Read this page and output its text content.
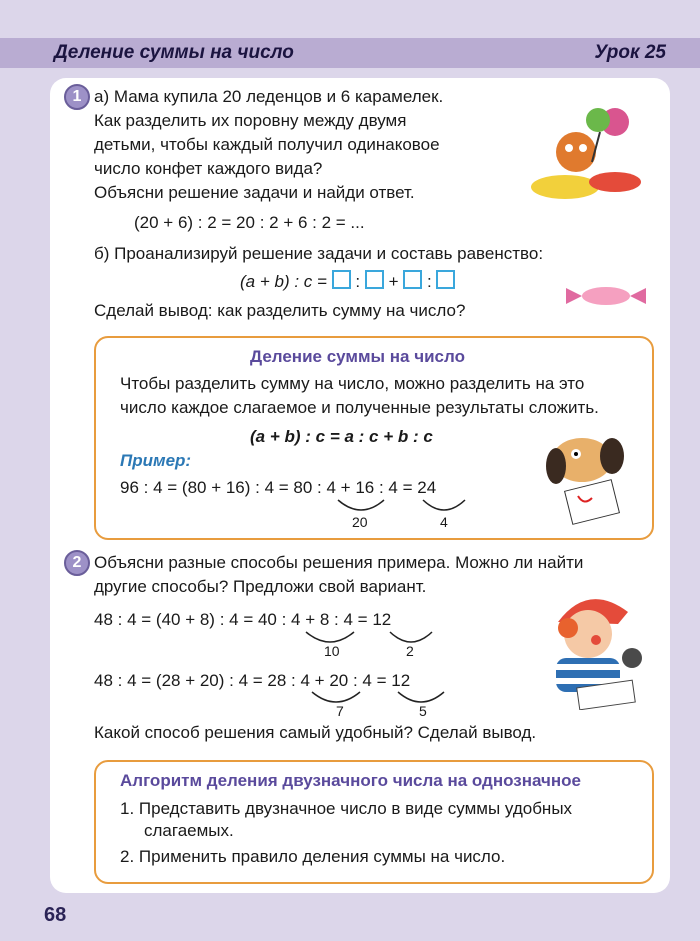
Деление суммы на число	Урок 25
1 а) Мама купила 20 леденцов и 6 карамелек.
Как разделить их поровну между двумя
детьми, чтобы каждый получил одинаковое
число конфет каждого вида?
Объясни решение задачи и найди ответ.
(20 + 6) : 2 = 20 : 2 + 6 : 2 = ...
б) Проанализируй решение задачи и составь равенство:
(a + b) : c =  :  +  :
Сделай вывод: как разделить сумму на число?
Деление суммы на число
Чтобы разделить сумму на число, можно разделить на это
число каждое слагаемое и полученные результаты сложить.
(a + b) : c = a : c + b : c
Пример:
96 : 4 = (80 + 16) : 4 = 80 : 4 + 16 : 4 = 24
20	4
2 Объясни разные способы решения примера. Можно ли найти
другие способы? Предложи свой вариант.
48 : 4 = (40 + 8) : 4 = 40 : 4 + 8 : 4 = 12
10	2
48 : 4 = (28 + 20) : 4 = 28 : 4 + 20 : 4 = 12
7	5
Какой способ решения самый удобный? Сделай вывод.
Алгоритм деления двузначного числа на однозначное
1. Представить двузначное число в виде суммы удобных
слагаемых.
2. Применить правило деления суммы на число.
68
